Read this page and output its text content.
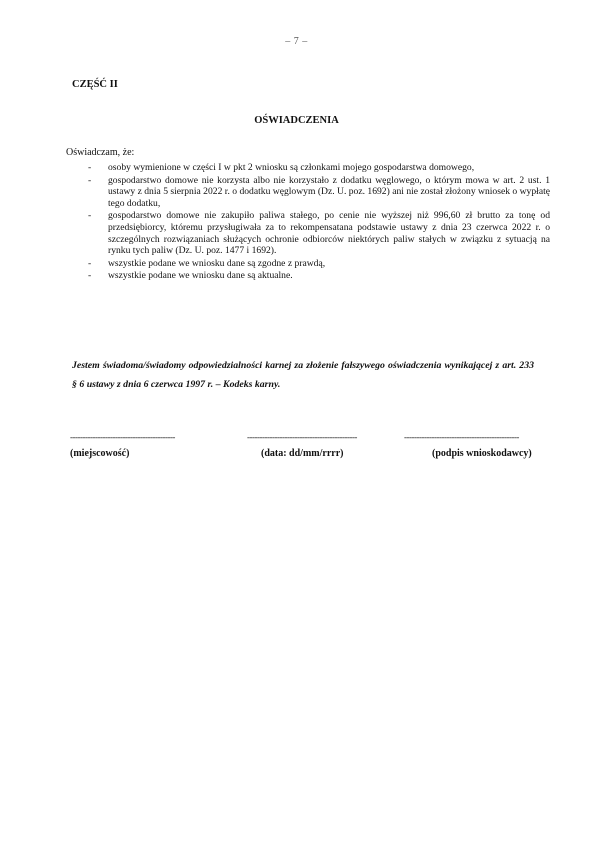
– 7 –
CZĘŚĆ II
OŚWIADCZENIA
Oświadczam, że:
- osoby wymienione w części I w pkt 2 wniosku są członkami mojego gospodarstwa domowego,
- gospodarstwo domowe nie korzysta albo nie korzystało z dodatku węglowego, o którym mowa w art. 2 ust. 1 ustawy z dnia 5 sierpnia 2022 r. o dodatku węglowym (Dz. U. poz. 1692) ani nie został złożony wniosek o wypłatę tego dodatku,
- gospodarstwo domowe nie zakupiło paliwa stałego, po cenie nie wyższej niż 996,60 zł brutto za tonę od przedsiębiorcy, któremu przysługiwała za to rekompensatana podstawie ustawy z dnia 23 czerwca 2022 r. o szczególnych rozwiązaniach służących ochronie odbiorców niektórych paliw stałych w związku z sytuacją na rynku tych paliw (Dz. U. poz. 1477 i 1692).
- wszystkie podane we wniosku dane są zgodne z prawdą,
- wszystkie podane we wniosku dane są aktualne.
Jestem świadoma/świadomy odpowiedzialności karnej za złożenie fałszywego oświadczenia wynikającej z art. 233 § 6 ustawy z dnia 6 czerwca 1997 r. – Kodeks karny.
------------------------------------------	--------------------------------------------	----------------------------------------------
(miejscowość)	(data: dd/mm/rrrr)	(podpis wnioskodawcy)
